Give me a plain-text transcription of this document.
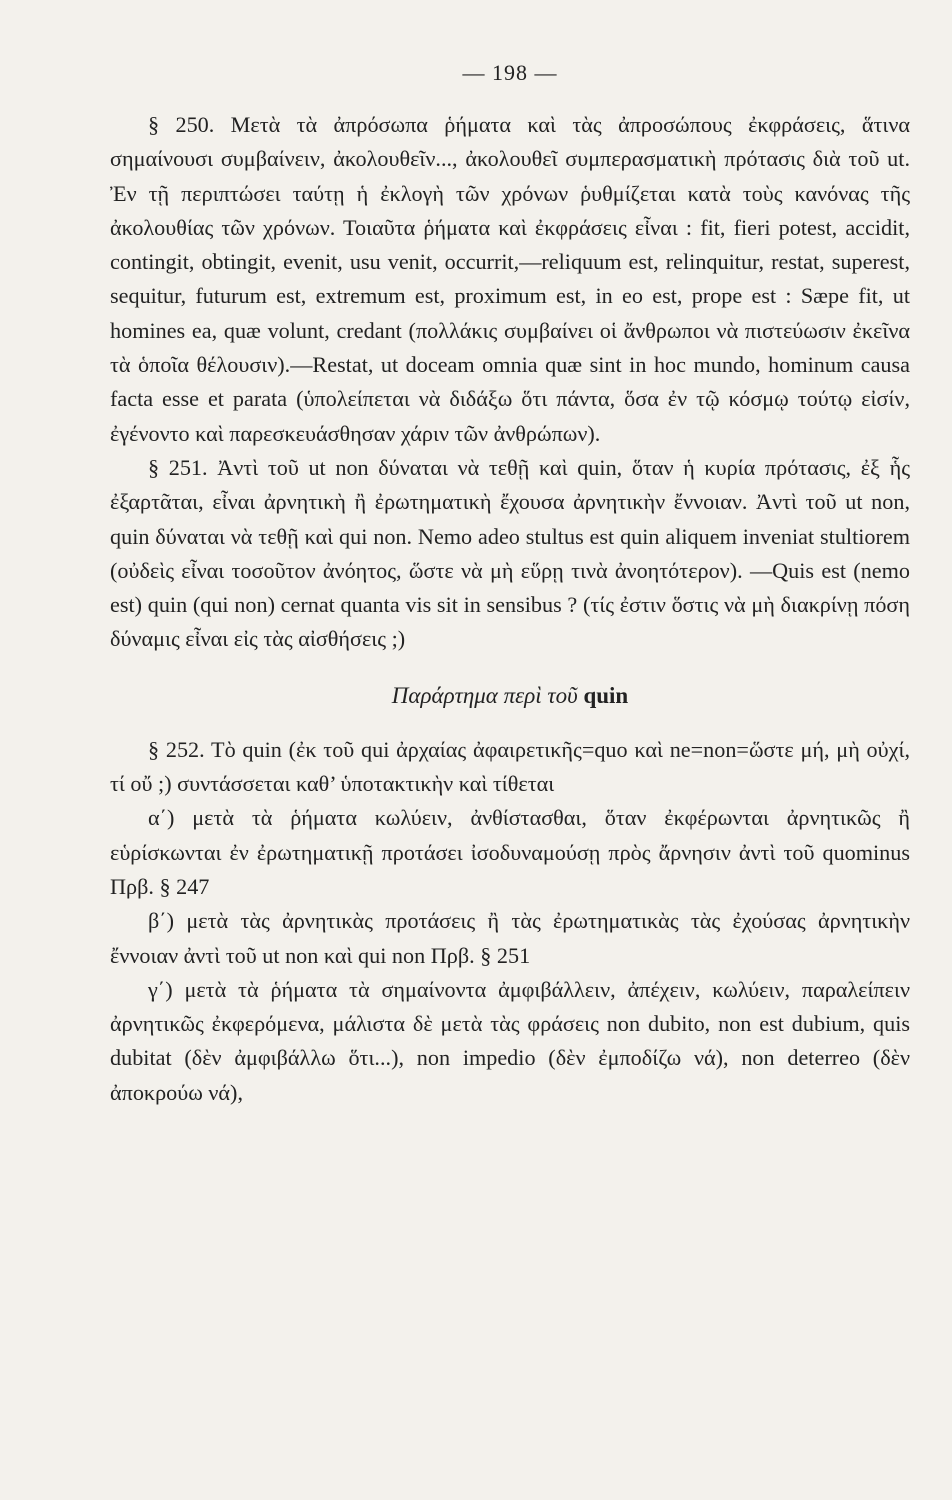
— 198 —

§ 250. Μετὰ τὰ ἀπρόσωπα ῥήματα καὶ τὰς ἀπροσώπους ἐκφράσεις, ἅτινα σημαίνουσι συμβαίνειν, ἀκολουθεῖν..., ἀκολουθεῖ συμπερασματικὴ πρότασις διὰ τοῦ ut. Ἐν τῇ περιπτώσει ταύτῃ ἡ ἐκλογὴ τῶν χρόνων ῥυθμίζεται κατὰ τοὺς κανόνας τῆς ἀκολουθίας τῶν χρόνων. Τοιαῦτα ῥήματα καὶ ἐκφράσεις εἶναι : fit, fieri potest, accidit, contingit, obtingit, evenit, usu venit, occurrit,—reliquum est, relinquitur, restat, superest, sequitur, futurum est, extremum est, proximum est, in eo est, prope est : Sæpe fit, ut homines ea, quæ volunt, credant (πολλάκις συμβαίνει οἱ ἄνθρωποι νὰ πιστεύωσιν ἐκεῖνα τὰ ὁποῖα θέλουσιν).—Restat, ut doceam omnia quæ sint in hoc mundo, hominum causa facta esse et parata (ὑπολείπεται νὰ διδάξω ὅτι πάντα, ὅσα ἐν τῷ κόσμῳ τούτῳ εἰσίν, ἐγένοντο καὶ παρεσκευάσθησαν χάριν τῶν ἀνθρώπων).

§ 251. Ἀντὶ τοῦ ut non δύναται νὰ τεθῇ καὶ quin, ὅταν ἡ κυρία πρότασις, ἐξ ἧς ἐξαρτᾶται, εἶναι ἀρνητικὴ ἢ ἐρωτηματικὴ ἔχουσα ἀρνητικὴν ἔννοιαν. Ἀντὶ τοῦ ut non, quin δύναται νὰ τεθῇ καὶ qui non. Nemo adeo stultus est quin aliquem inveniat stultiorem (οὐδεὶς εἶναι τοσοῦτον ἀνόητος, ὥστε νὰ μὴ εὕρῃ τινὰ ἀνοητότερον). —Quis est (nemo est) quin (qui non) cernat quanta vis sit in sensibus ? (τίς ἐστιν ὅστις νὰ μὴ διακρίνῃ πόση δύναμις εἶναι εἰς τὰς αἰσθήσεις ;)

Παράρτημα περὶ τοῦ quin

§ 252. Τὸ quin (ἐκ τοῦ qui ἀρχαίας ἀφαιρετικῆς=quo καὶ ne=non=ὥστε μή, μὴ οὐχί, τί οὔ ;) συντάσσεται καθ’ ὑποτακτικὴν καὶ τίθεται

α΄) μετὰ τὰ ῥήματα κωλύειν, ἀνθίστασθαι, ὅταν ἐκφέρωνται ἀρνητικῶς ἢ εὑρίσκωνται ἐν ἐρωτηματικῇ προτάσει ἰσοδυναμούσῃ πρὸς ἄρνησιν ἀντὶ τοῦ quominus Πρβ. § 247

β΄) μετὰ τὰς ἀρνητικὰς προτάσεις ἢ τὰς ἐρωτηματικὰς τὰς ἐχούσας ἀρνητικὴν ἔννοιαν ἀντὶ τοῦ ut non καὶ qui non Πρβ. § 251

γ΄) μετὰ τὰ ῥήματα τὰ σημαίνοντα ἀμφιβάλλειν, ἀπέχειν, κωλύειν, παραλείπειν ἀρνητικῶς ἐκφερόμενα, μάλιστα δὲ μετὰ τὰς φράσεις non dubito, non est dubium, quis dubitat (δὲν ἀμφιβάλλω ὅτι...), non impedio (δὲν ἐμποδίζω νά), non deterreo (δὲν ἀποκρούω νά),
